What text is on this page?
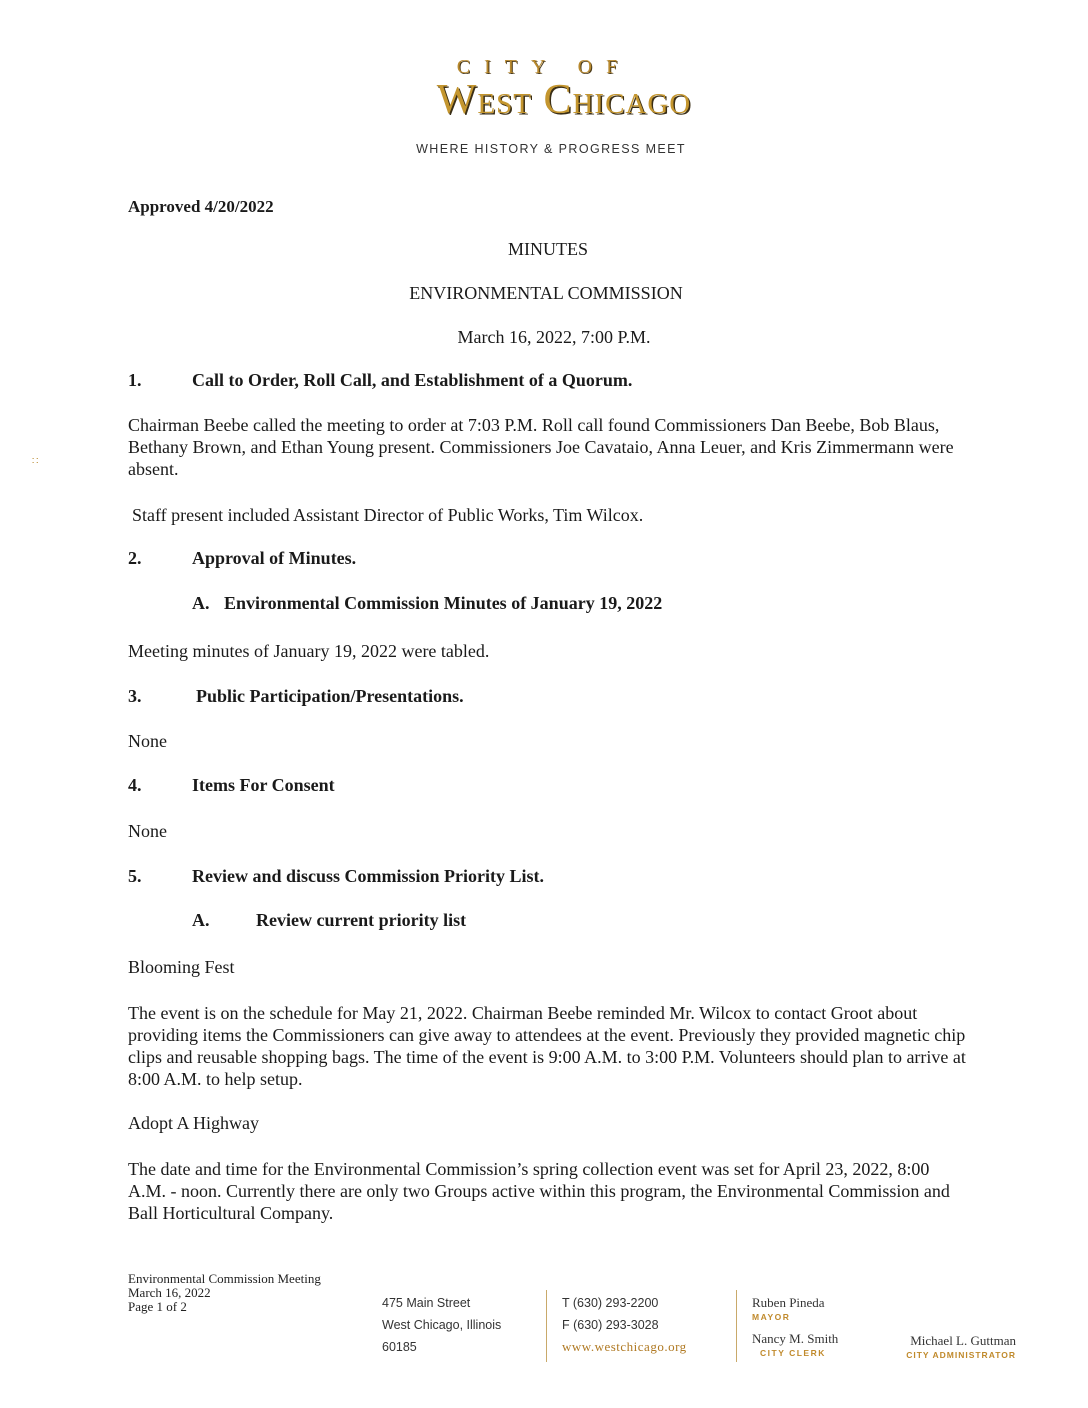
CITY OF
West Chicago
WHERE HISTORY & PROGRESS MEET
Approved 4/20/2022
MINUTES
ENVIRONMENTAL COMMISSION
March 16, 2022, 7:00 P.M.
1.	Call to Order, Roll Call, and Establishment of a Quorum.
Chairman Beebe called the meeting to order at 7:03 P.M. Roll call found Commissioners Dan Beebe, Bob Blaus, Bethany Brown, and Ethan Young present. Commissioners Joe Cavataio, Anna Leuer, and Kris Zimmermann were absent.
∷
Staff present included Assistant Director of Public Works, Tim Wilcox.
2.	Approval of Minutes.
A. Environmental Commission Minutes of January 19, 2022
Meeting minutes of January 19, 2022 were tabled.
3.	Public Participation/Presentations.
None
4.	Items For Consent
None
5.	Review and discuss Commission Priority List.
A.	Review current priority list
Blooming Fest
The event is on the schedule for May 21, 2022. Chairman Beebe reminded Mr. Wilcox to contact Groot about providing items the Commissioners can give away to attendees at the event. Previously they provided magnetic chip clips and reusable shopping bags. The time of the event is 9:00 A.M. to 3:00 P.M. Volunteers should plan to arrive at 8:00 A.M. to help setup.
Adopt A Highway
The date and time for the Environmental Commission’s spring collection event was set for April 23, 2022, 8:00 A.M. - noon. Currently there are only two Groups active within this program, the Environmental Commission and Ball Horticultural Company.
Environmental Commission Meeting
March 16, 2022
Page 1 of 2	475 Main Street
West Chicago, Illinois
60185
T (630) 293-2200
F (630) 293-3028
www.westchicago.org
Ruben Pineda
MAYOR
Nancy M. Smith
CITY CLERK
Michael L. Guttman
CITY ADMINISTRATOR
